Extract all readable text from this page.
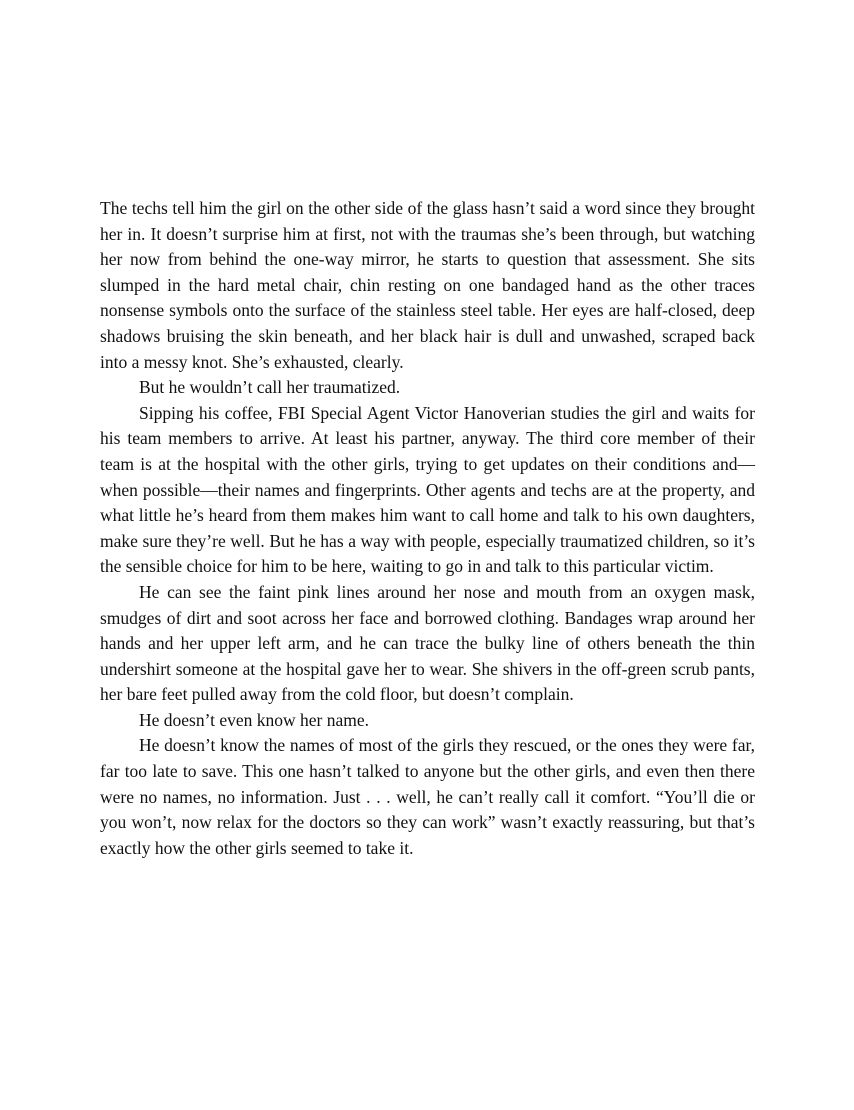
The techs tell him the girl on the other side of the glass hasn’t said a word since they brought her in. It doesn’t surprise him at first, not with the traumas she’s been through, but watching her now from behind the one-way mirror, he starts to question that assessment. She sits slumped in the hard metal chair, chin resting on one bandaged hand as the other traces nonsense symbols onto the surface of the stainless steel table. Her eyes are half-closed, deep shadows bruising the skin beneath, and her black hair is dull and unwashed, scraped back into a messy knot. She’s exhausted, clearly.

But he wouldn’t call her traumatized.

Sipping his coffee, FBI Special Agent Victor Hanoverian studies the girl and waits for his team members to arrive. At least his partner, anyway. The third core member of their team is at the hospital with the other girls, trying to get updates on their conditions and—when possible—their names and fingerprints. Other agents and techs are at the property, and what little he’s heard from them makes him want to call home and talk to his own daughters, make sure they’re well. But he has a way with people, especially traumatized children, so it’s the sensible choice for him to be here, waiting to go in and talk to this particular victim.

He can see the faint pink lines around her nose and mouth from an oxygen mask, smudges of dirt and soot across her face and borrowed clothing. Bandages wrap around her hands and her upper left arm, and he can trace the bulky line of others beneath the thin undershirt someone at the hospital gave her to wear. She shivers in the off-green scrub pants, her bare feet pulled away from the cold floor, but doesn’t complain.

He doesn’t even know her name.

He doesn’t know the names of most of the girls they rescued, or the ones they were far, far too late to save. This one hasn’t talked to anyone but the other girls, and even then there were no names, no information. Just . . . well, he can’t really call it comfort. “You’ll die or you won’t, now relax for the doctors so they can work” wasn’t exactly reassuring, but that’s exactly how the other girls seemed to take it.
